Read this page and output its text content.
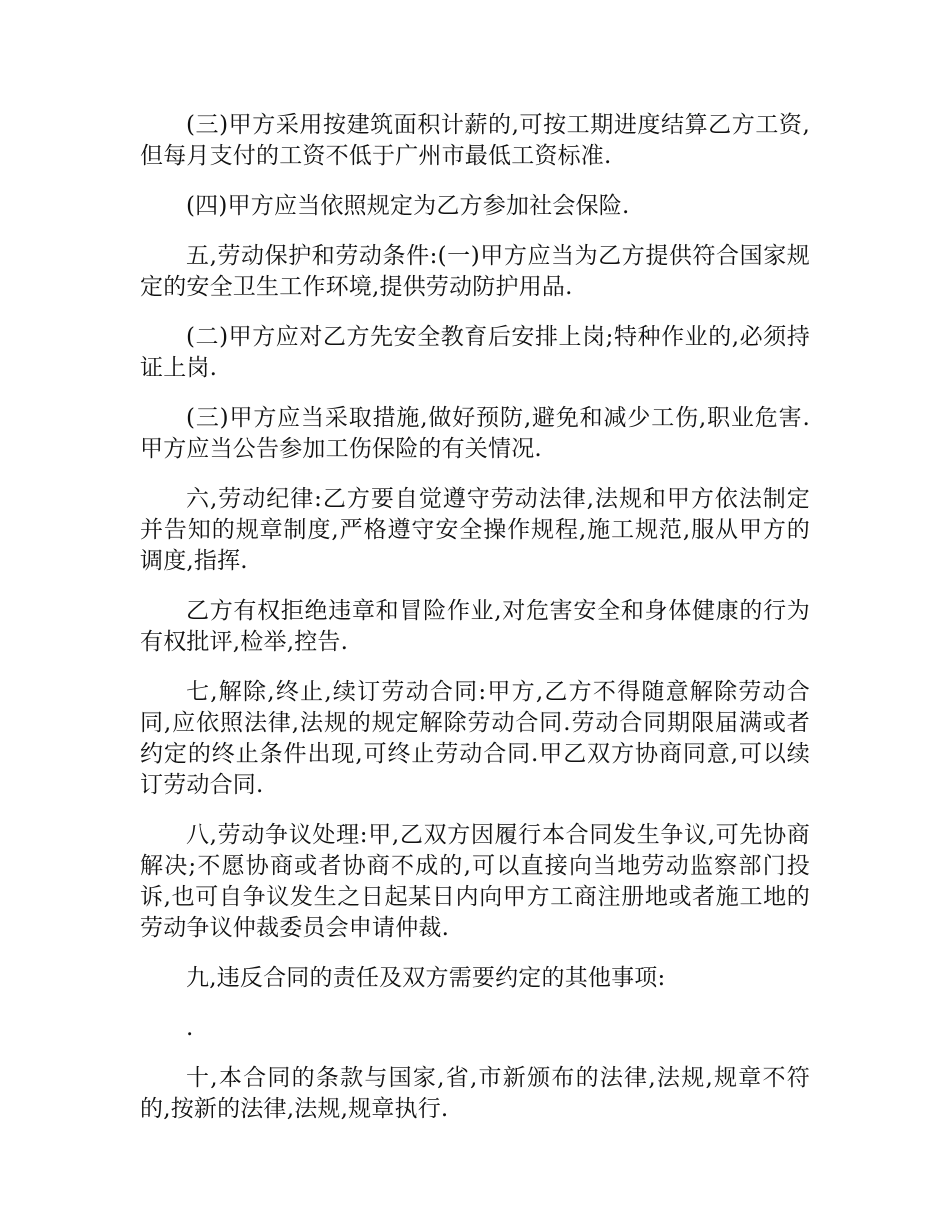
(三)甲方采用按建筑面积计薪的,可按工期进度结算乙方工资,但每月支付的工资不低于广州市最低工资标准.

(四)甲方应当依照规定为乙方参加社会保险.

五,劳动保护和劳动条件:(一)甲方应当为乙方提供符合国家规定的安全卫生工作环境,提供劳动防护用品.

(二)甲方应对乙方先安全教育后安排上岗;特种作业的,必须持证上岗.

(三)甲方应当采取措施,做好预防,避免和减少工伤,职业危害.甲方应当公告参加工伤保险的有关情况.

六,劳动纪律:乙方要自觉遵守劳动法律,法规和甲方依法制定并告知的规章制度,严格遵守安全操作规程,施工规范,服从甲方的调度,指挥.

乙方有权拒绝违章和冒险作业,对危害安全和身体健康的行为有权批评,检举,控告.

七,解除,终止,续订劳动合同:甲方,乙方不得随意解除劳动合同,应依照法律,法规的规定解除劳动合同.劳动合同期限届满或者约定的终止条件出现,可终止劳动合同.甲乙双方协商同意,可以续订劳动合同.

八,劳动争议处理:甲,乙双方因履行本合同发生争议,可先协商解决;不愿协商或者协商不成的,可以直接向当地劳动监察部门投诉,也可自争议发生之日起某日内向甲方工商注册地或者施工地的劳动争议仲裁委员会申请仲裁.

九,违反合同的责任及双方需要约定的其他事项:

.

十,本合同的条款与国家,省,市新颁布的法律,法规,规章不符的,按新的法律,法规,规章执行.
